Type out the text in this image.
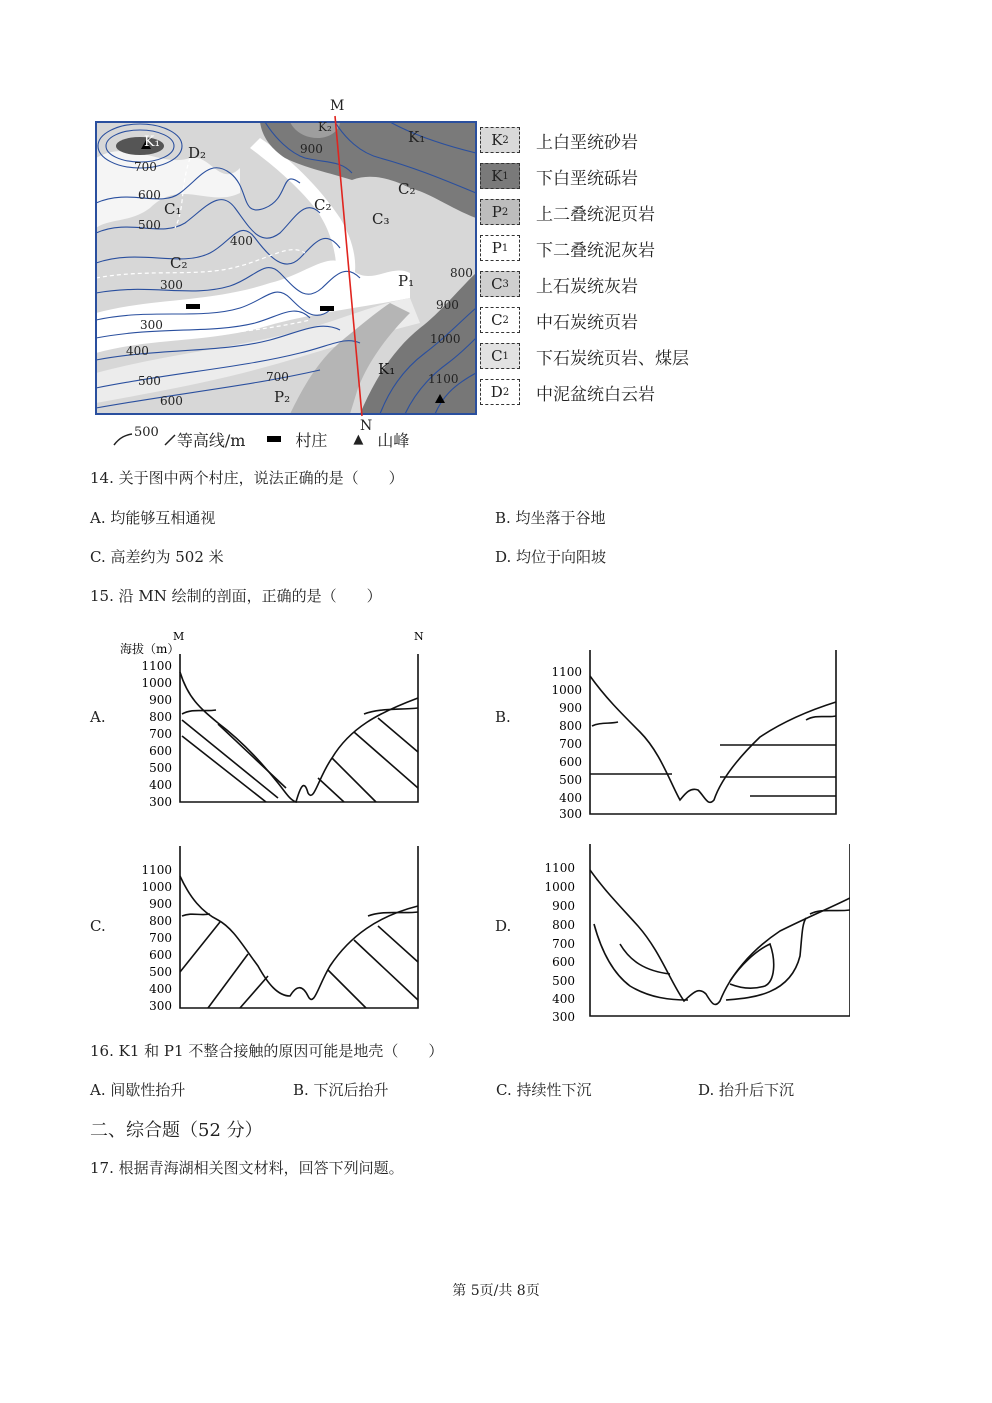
M
N
700
600
500
400
300
300
400
500
600
700
900
800
900
1000
1100
K₁
D₂
C₁
C₂
K₂
K₁
C₂
C₂
C₃
P₁
K₁
P₂
500 等高线/m	村庄 ▲ 山峰
K 2 上白垩统砂岩
K 1 下白垩统砾岩
P 2 上二叠统泥页岩
P 1 下二叠统泥灰岩
C 3 上石炭统灰岩
C 2 中石炭统页岩
C 1 下石炭统页岩、煤层
D 2 中泥盆统白云岩
14. 关于图中两个村庄，说法正确的是（　　）
A. 均能够互相通视	B. 均坐落于谷地
C. 高差约为 502 米	D. 均位于向阳坡
15. 沿 MN 绘制的剖面，正确的是（　　）
A.	B.
C.	D.
海拔（m）
M	N
1100
1000
900
800
700
600
500
400
300
1100
1000
900
800
700
600
500
400
300
1100
1000
900
800
700
600
500
400
300
1100
1000
900
800
700
600
500
400
300
16. K1 和 P1 不整合接触的原因可能是地壳（　　）
A. 间歇性抬升	B. 下沉后抬升	C. 持续性下沉	D. 抬升后下沉
二、综合题（52 分）
17. 根据青海湖相关图文材料，回答下列问题。
第 5页/共 8页
